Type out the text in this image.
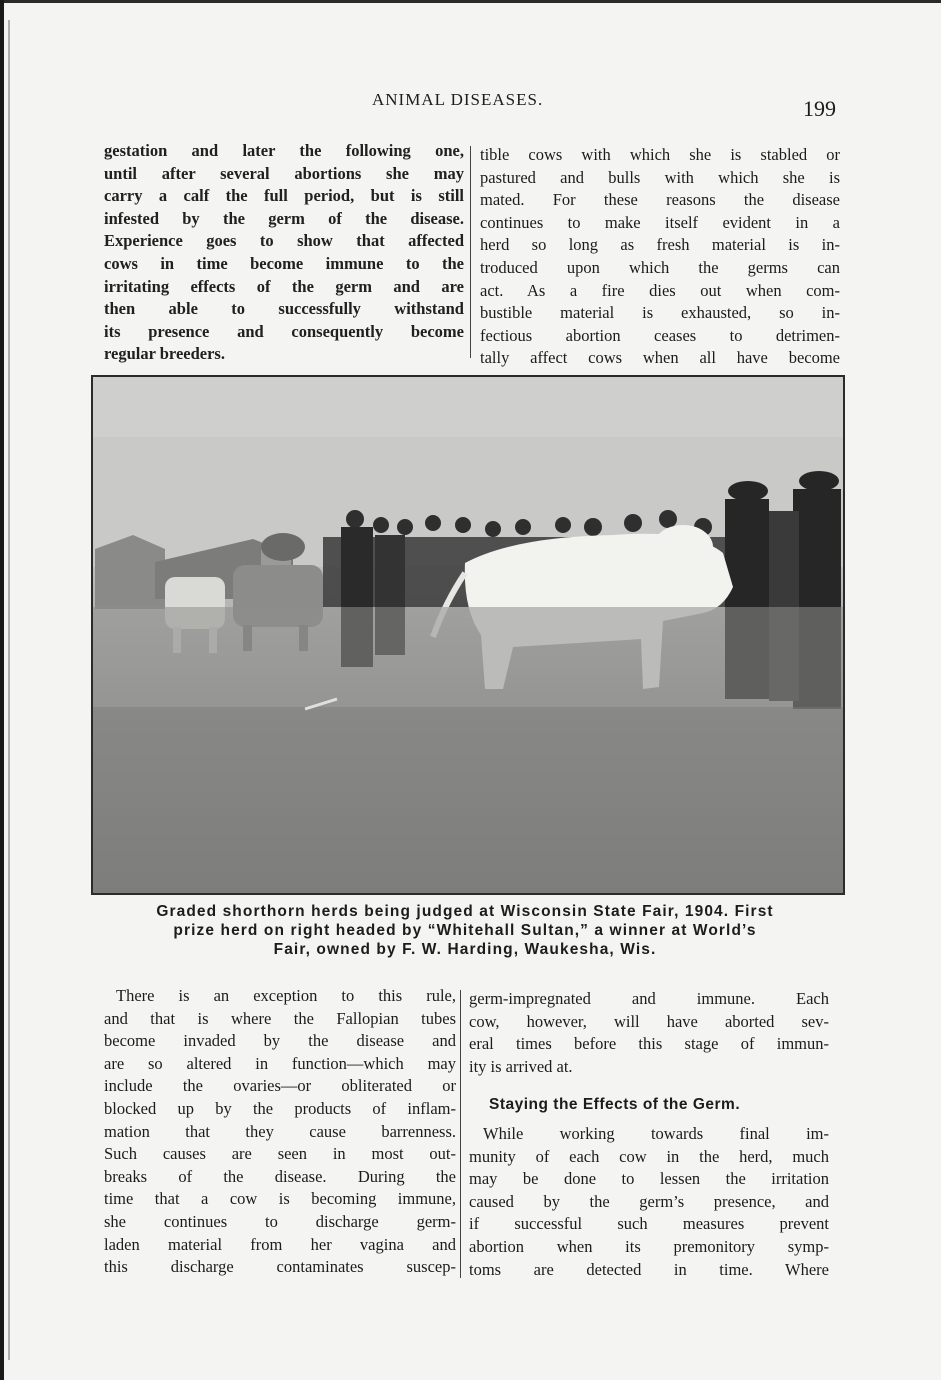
ANIMAL DISEASES.	199
gestation and later the following one,
until after several abortions she may
carry a calf the full period, but is still
infested by the germ of the disease.
Experience goes to show that affected
cows in time become immune to the
irritating effects of the germ and are
then able to successfully withstand
its presence and consequently become
regular breeders.
tible cows with which she is stabled or
pastured and bulls with which she is
mated. For these reasons the disease
continues to make itself evident in a
herd so long as fresh material is in-
troduced upon which the germs can
act. As a fire dies out when com-
bustible material is exhausted, so in-
fectious abortion ceases to detrimen-
tally affect cows when all have become
Graded shorthorn herds being judged at Wisconsin State Fair, 1904. First
prize herd on right headed by “Whitehall Sultan,” a winner at World’s
Fair, owned by F. W. Harding, Waukesha, Wis.
There is an exception to this rule,
and that is where the Fallopian tubes
become invaded by the disease and
are so altered in function—which may
include the ovaries—or obliterated or
blocked up by the products of inflam-
mation that they cause barrenness.
Such causes are seen in most out-
breaks of the disease. During the
time that a cow is becoming immune,
she continues to discharge germ-
laden material from her vagina and
this discharge contaminates suscep-
germ-impregnated and immune. Each
cow, however, will have aborted sev-
eral times before this stage of immun-
ity is arrived at.
Staying the Effects of the Germ.
While working towards final im-
munity of each cow in the herd, much
may be done to lessen the irritation
caused by the germ’s presence, and
if successful such measures prevent
abortion when its premonitory symp-
toms are detected in time. Where
